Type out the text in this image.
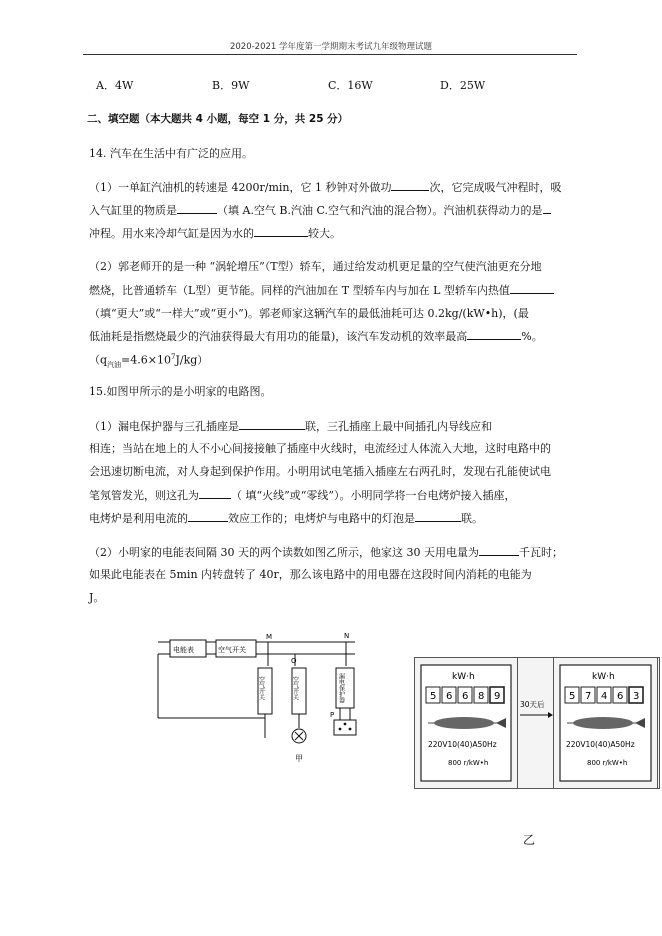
2020-2021 学年度第一学期期末考试九年级物理试题
A．4W	B．9W	C．16W	D．25W
二、填空题（本大题共 4 小题，每空 1 分，共 25 分）
14. 汽车在生活中有广泛的应用。
（1）一单缸汽油机的转速是 4200r/min，它 1 秒钟对外做功	次，它完成吸气冲程时，吸
入气缸里的物质是	（填 A.空气 B.汽油 C.空气和汽油的混合物）。汽油机获得动力的是
冲程。用水来冷却气缸是因为水的	较大。
（2）郭老师开的是一种 “涡轮增压”（T型）轿车，通过给发动机更足量的空气使汽油更充分地
燃烧，比普通轿车（L型）更节能。同样的汽油加在 T 型轿车内与加在 L 型轿车内热值
（填“更大”或“一样大”或“更小”)。郭老师家这辆汽车的最低油耗可达 0.2kg/(kW•h)，(最
低油耗是指燃烧最少的汽油获得最大有用功的能量)，该汽车发动机的效率最高	%。
$(q_{汽油}=4.6\times 10^7J/kg)$
15.如图甲所示的是小明家的电路图。
（1）漏电保护器与三孔插座是	联，三孔插座上最中间插孔内导线应和
相连；当站在地上的人不小心间接接触了插座中火线时，电流经过人体流入大地，这时电路中的
会迅速切断电流，对人身起到保护作用。小明用试电笔插入插座左右两孔时，发现右孔能使试电
笔氖管发光，则这孔为	（ 填“火线”或“零线”）。小明同学将一台电烤炉接入插座，
电烤炉是利用电流的	效应工作的；电烤炉与电路中的灯泡是	联。
（2）小明家的电能表间隔 30 天的两个读数如图乙所示，他家这 30 天用电量为	千瓦时；
如果此电能表在 5min 内转盘转了 40r，那么该电路中的用电器在这段时间内消耗的电能为
J。
M	N
电能表	空气开关
O
空气开关	空气开关	漏电保护器
P
甲
kW·h
5 6 6 8 9
220V10(40)A50Hz
800 r/kW•h
30天后
kW·h
5 7 4 6 3
220V10(40)A50Hz
800 r/kW•h
乙
